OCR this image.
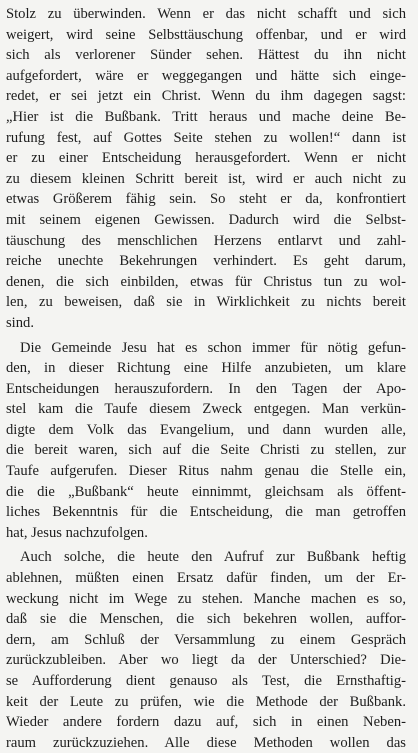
Stolz zu überwinden. Wenn er das nicht schafft und sich
weigert, wird seine Selbsttäuschung offenbar, und er wird
sich als verlorener Sünder sehen. Hättest du ihn nicht
aufgefordert, wäre er weggegangen und hätte sich einge-
redet, er sei jetzt ein Christ. Wenn du ihm dagegen sagst:
„Hier ist die Bußbank. Tritt heraus und mache deine Be-
rufung fest, auf Gottes Seite stehen zu wollen!“ dann ist
er zu einer Entscheidung herausgefordert. Wenn er nicht
zu diesem kleinen Schritt bereit ist, wird er auch nicht zu
etwas Größerem fähig sein. So steht er da, konfrontiert
mit seinem eigenen Gewissen. Dadurch wird die Selbst-
täuschung des menschlichen Herzens entlarvt und zahl-
reiche unechte Bekehrungen verhindert. Es geht darum,
denen, die sich einbilden, etwas für Christus tun zu wol-
len, zu beweisen, daß sie in Wirklichkeit zu nichts bereit
sind.
Die Gemeinde Jesu hat es schon immer für nötig gefun-
den, in dieser Richtung eine Hilfe anzubieten, um klare
Entscheidungen herauszufordern. In den Tagen der Apo-
stel kam die Taufe diesem Zweck entgegen. Man verkün-
digte dem Volk das Evangelium, und dann wurden alle,
die bereit waren, sich auf die Seite Christi zu stellen, zur
Taufe aufgerufen. Dieser Ritus nahm genau die Stelle ein,
die die „Bußbank“ heute einnimmt, gleichsam als öffent-
liches Bekenntnis für die Entscheidung, die man getroffen
hat, Jesus nachzufolgen.
Auch solche, die heute den Aufruf zur Bußbank heftig
ablehnen, müßten einen Ersatz dafür finden, um der Er-
weckung nicht im Wege zu stehen. Manche machen es so,
daß sie die Menschen, die sich bekehren wollen, auffor-
dern, am Schluß der Versammlung zu einem Gespräch
zurückzubleiben. Aber wo liegt da der Unterschied? Die-
se Aufforderung dient genauso als Test, die Ernsthaftig-
keit der Leute zu prüfen, wie die Methode der Bußbank.
Wieder andere fordern dazu auf, sich in einen Neben-
raum zurückzuziehen. Alle diese Methoden wollen das
